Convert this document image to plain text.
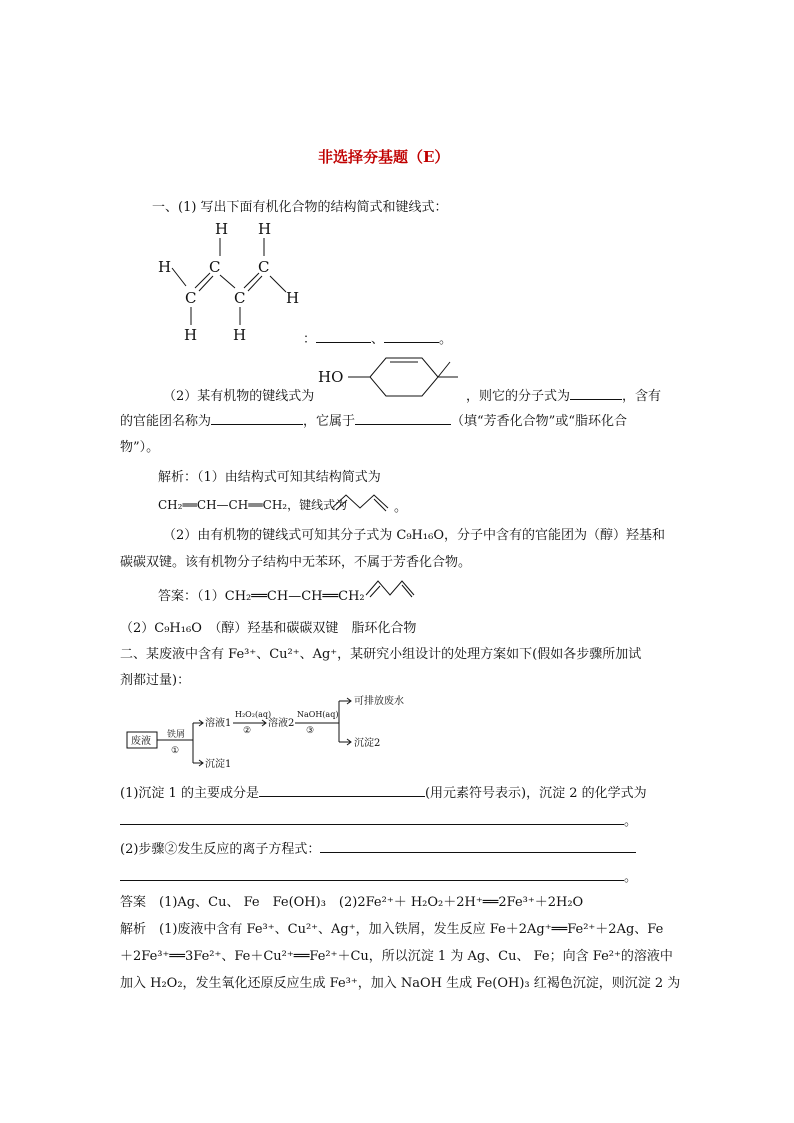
非选择夯基题（E）
一、(1) 写出下面有机化合物的结构简式和键线式：
H H
H	C	C
C	C	H
H H	：	、	。
（2）某有机物的键线式为
HO
，则它的分子式为	，含有
的官能团名称为	，它属于	（填“芳香化合物”或“脂环化合
物”）。
解析：（1）由结构式可知其结构简式为
CH₂══CH—CH══CH₂，键线式为	。
（2）由有机物的键线式可知其分子式为 C₉H₁₆O，分子中含有的官能团为（醇）羟基和
碳碳双键。该有机物分子结构中无苯环，不属于芳香化合物。
答案：（1）CH₂══CH—CH══CH₂
（2）C₉H₁₆O　（醇）羟基和碳碳双键　脂环化合物
二、某废液中含有 Fe³⁺、Cu²⁺、Ag⁺，某研究小组设计的处理方案如下(假如各步骤所加试
剂都过量)：
废液
铁屑
①
溶液1
H₂O₂(aq)
②
溶液2
NaOH(aq)
③
可排放废水
沉淀2
沉淀1
(1)沉淀 1 的主要成分是	(用元素符号表示)，沉淀 2 的化学式为
。
(2)步骤②发生反应的离子方程式：
。
答案　(1)Ag、Cu、 Fe　Fe(OH)₃　(2)2Fe²⁺＋ H₂O₂＋2H⁺══2Fe³⁺＋2H₂O
解析　(1)废液中含有 Fe³⁺、Cu²⁺、Ag⁺，加入铁屑，发生反应 Fe＋2Ag⁺══Fe²⁺＋2Ag、Fe
＋2Fe³⁺══3Fe²⁺、Fe＋Cu²⁺══Fe²⁺＋Cu，所以沉淀 1 为 Ag、Cu、 Fe；向含 Fe²⁺的溶液中
加入 H₂O₂，发生氧化还原反应生成 Fe³⁺，加入 NaOH 生成 Fe(OH)₃ 红褐色沉淀，则沉淀 2 为
